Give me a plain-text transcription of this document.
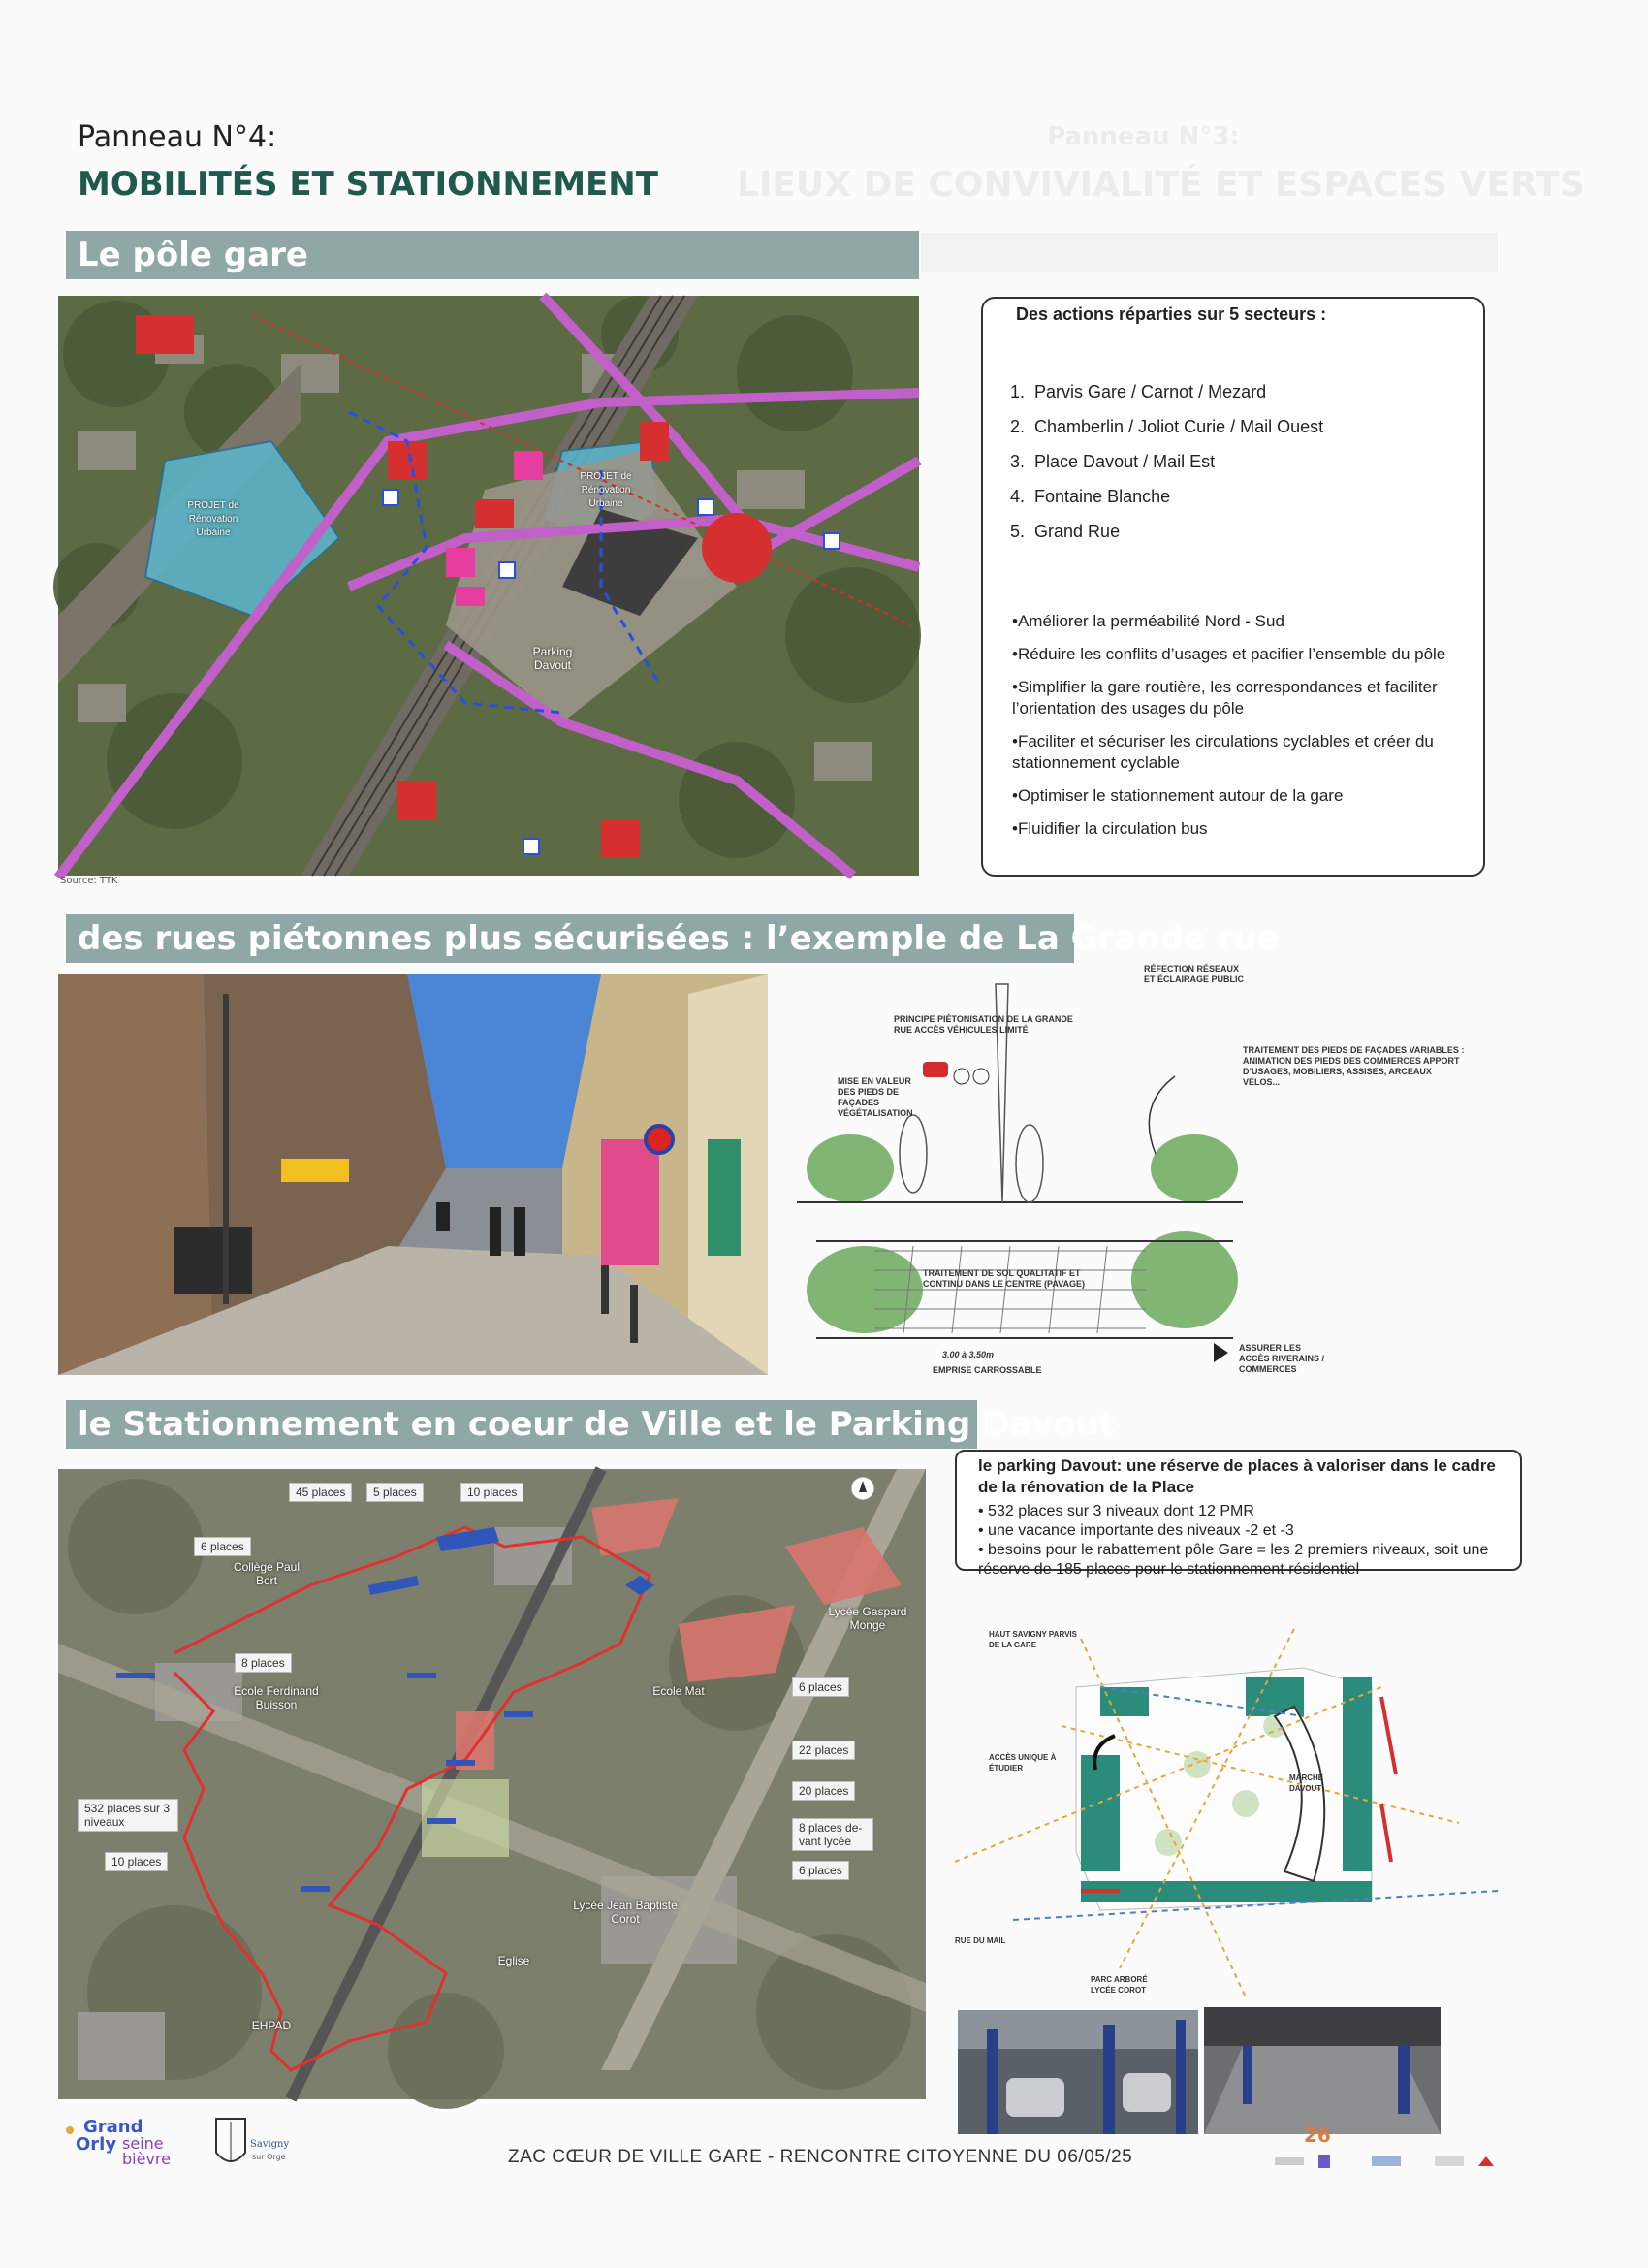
Panneau N°3:
LIEUX DE CONVIVIALITÉ ET ESPACES VERTS
Panneau N°4:
MOBILITÉS ET STATIONNEMENT
Le pôle gare
PROJET de Rénovation Urbaine
PROJET de Rénovation Urbaine
Parking Davout
Source: TTK
Des actions réparties sur 5 secteurs :
1. Parvis Gare / Carnot / Mezard
2. Chamberlin / Joliot Curie / Mail Ouest
3. Place Davout / Mail Est
4. Fontaine Blanche
5. Grand Rue
•Améliorer la perméabilité Nord - Sud
•Réduire les conflits d’usages et pacifier l’ensemble du pôle
•Simplifier la gare routière, les correspondances et faciliter l’orientation des usages du pôle
•Faciliter et sécuriser les circulations cyclables et créer du stationnement cyclable
•Optimiser le stationnement autour de la gare
•Fluidifier la circulation bus
des rues piétonnes plus sécurisées : l’exemple de La Grande rue
RÉFECTION RÉSEAUX ET ÉCLAIRAGE PUBLIC
PRINCIPE PIÉTONISATION DE LA GRANDE RUE ACCÈS VÉHICULES LIMITÉ
MISE EN VALEUR DES PIEDS DE FAÇADES VÉGÉTALISATION
TRAITEMENT DES PIEDS DE FAÇADES VARIABLES : ANIMATION DES PIEDS DES COMMERCES APPORT D’USAGES, MOBILIERS, ASSISES, ARCEAUX VÉLOS...
TRAITEMENT DE SOL QUALITATIF ET CONTINU DANS LE CENTRE (PAVAGE)
3,00 à 3,50m
EMPRISE CARROSSABLE
ASSURER LES ACCÈS RIVERAINS / COMMERCES
le Stationnement en coeur de Ville et le Parking Davout
45 places	5 places	10 places
6 places
Collège Paul Bert
8 places
École Ferdinand Buisson
Lycée Gaspard Monge
Ecole Mat	6 places
22 places
20 places
532 places sur 3 niveaux	8 places de-vant lycée
10 places
6 places
Lycée Jean Baptiste Corot
Eglise
EHPAD
le parking Davout: une réserve de places à valoriser dans le cadre de la rénovation de la Place
• 532 places sur 3 niveaux dont 12 PMR
• une vacance importante des niveaux -2 et -3
• besoins pour le rabattement pôle Gare = les 2 premiers niveaux, soit une réserve de 185 places pour le stationnement résidentiel
HAUT SAVIGNY PARVIS DE LA GARE
ACCÈS UNIQUE À ÉTUDIER
MARCHÉ DAVOUT
RUE DU MAIL
PARC ARBORÉ LYCÉE COROT
Grand
Orly seine
bièvre
Savigny
sur Orge	ZAC CŒUR DE VILLE GARE - RENCONTRE CITOYENNE DU 06/05/25
26
